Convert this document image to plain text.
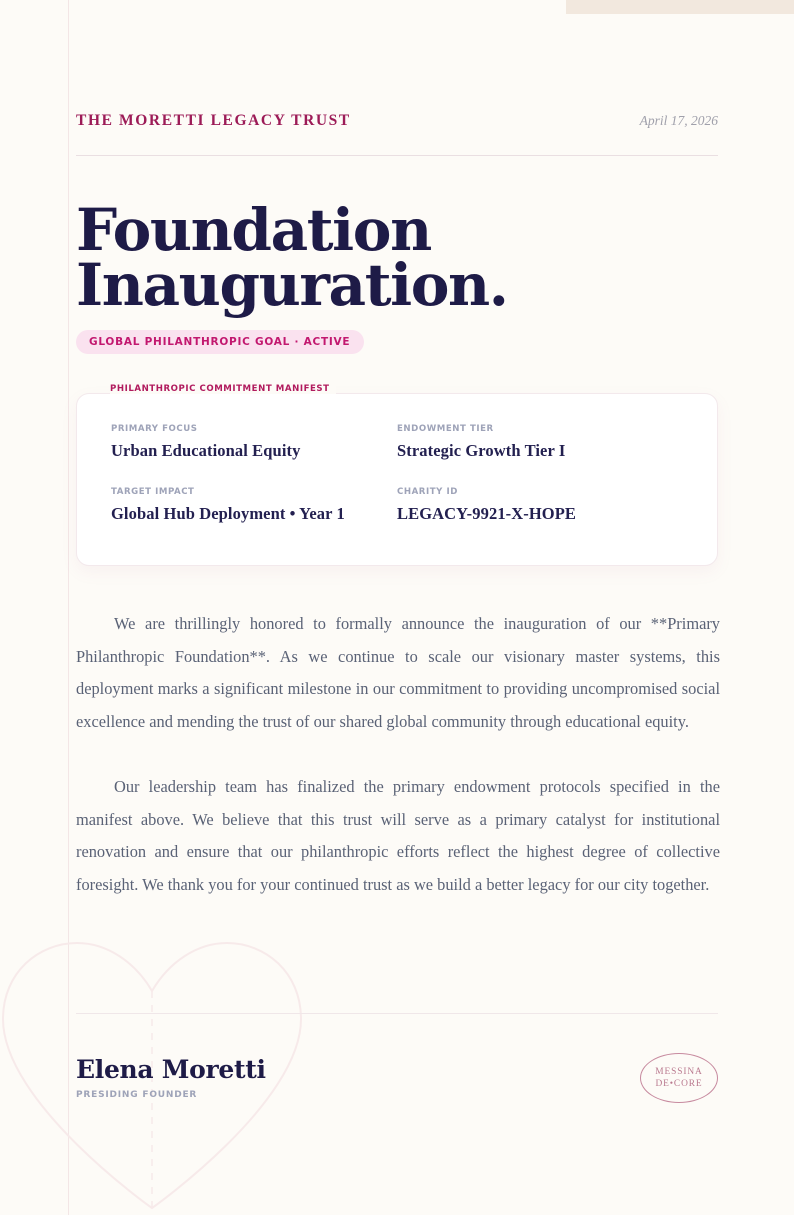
THE MORETTI LEGACY TRUST	April 17, 2026
Foundation
Inauguration.
GLOBAL PHILANTHROPIC GOAL · ACTIVE
PHILANTHROPIC COMMITMENT MANIFEST
PRIMARY FOCUS
Urban Educational Equity
ENDOWMENT TIER
Strategic Growth Tier I
TARGET IMPACT
Global Hub Deployment • Year 1
CHARITY ID
LEGACY-9921-X-HOPE

We are thrillingly honored to formally announce the inauguration of our **Primary Philanthropic Foundation**. As we continue to scale our visionary master systems, this deployment marks a significant milestone in our commitment to providing uncompromised social excellence and mending the trust of our shared global community through educational equity.

Our leadership team has finalized the primary endowment protocols specified in the manifest above. We believe that this trust will serve as a primary catalyst for institutional renovation and ensure that our philanthropic efforts reflect the highest degree of collective foresight. We thank you for your continued trust as we build a better legacy for our city together.

Elena Moretti
PRESIDING FOUNDER
MESSINA
DE•CORE
